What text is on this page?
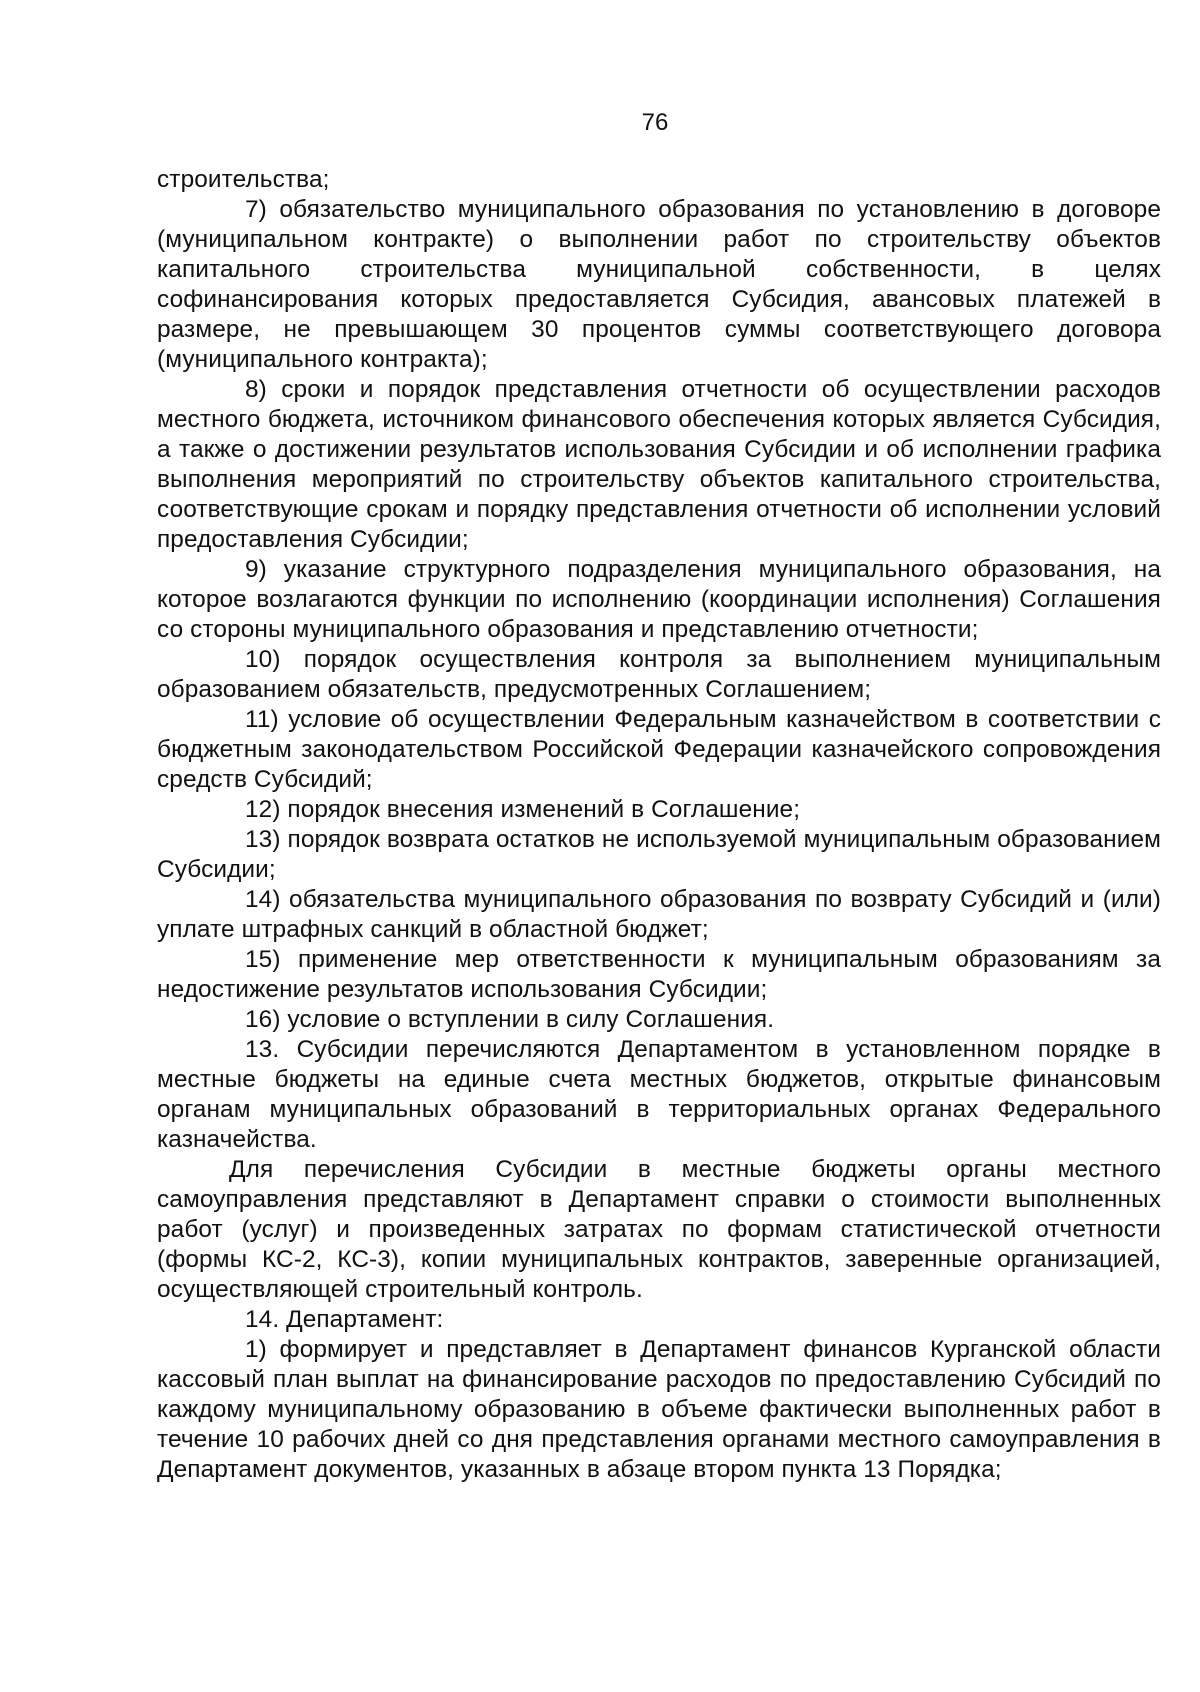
76

строительства;

7) обязательство муниципального образования по установлению в договоре (муниципальном контракте) о выполнении работ по строительству объектов капитального строительства муниципальной собственности, в целях софинансирования которых предоставляется Субсидия, авансовых платежей в размере, не превышающем 30 процентов суммы соответствующего договора (муниципального контракта);

8) сроки и порядок представления отчетности об осуществлении расходов местного бюджета, источником финансового обеспечения которых является Субсидия, а также о достижении результатов использования Субсидии и об исполнении графика выполнения мероприятий по строительству объектов капитального строительства, соответствующие срокам и порядку представления отчетности об исполнении условий предоставления Субсидии;

9) указание структурного подразделения муниципального образования, на которое возлагаются функции по исполнению (координации исполнения) Соглашения со стороны муниципального образования и представлению отчетности;

10) порядок осуществления контроля за выполнением муниципальным образованием обязательств, предусмотренных Соглашением;

11) условие об осуществлении Федеральным казначейством в соответствии с бюджетным законодательством Российской Федерации казначейского сопровождения средств Субсидий;

12) порядок внесения изменений в Соглашение;

13) порядок возврата остатков не используемой муниципальным образованием Субсидии;

14) обязательства муниципального образования по возврату Субсидий и (или) уплате штрафных санкций в областной бюджет;

15) применение мер ответственности к муниципальным образованиям за недостижение результатов использования Субсидии;

16) условие о вступлении в силу Соглашения.

13. Субсидии перечисляются Департаментом в установленном порядке в местные бюджеты на единые счета местных бюджетов, открытые финансовым органам муниципальных образований в территориальных органах Федерального казначейства.

Для перечисления Субсидии в местные бюджеты органы местного самоуправления представляют в Департамент справки о стоимости выполненных работ (услуг) и произведенных затратах по формам статистической отчетности (формы КС-2, КС-3), копии муниципальных контрактов, заверенные организацией, осуществляющей строительный контроль.

14. Департамент:

1) формирует и представляет в Департамент финансов Курганской области кассовый план выплат на финансирование расходов по предоставлению Субсидий по каждому муниципальному образованию в объеме фактически выполненных работ в течение 10 рабочих дней со дня представления органами местного самоуправления в Департамент документов, указанных в абзаце втором пункта 13 Порядка;
